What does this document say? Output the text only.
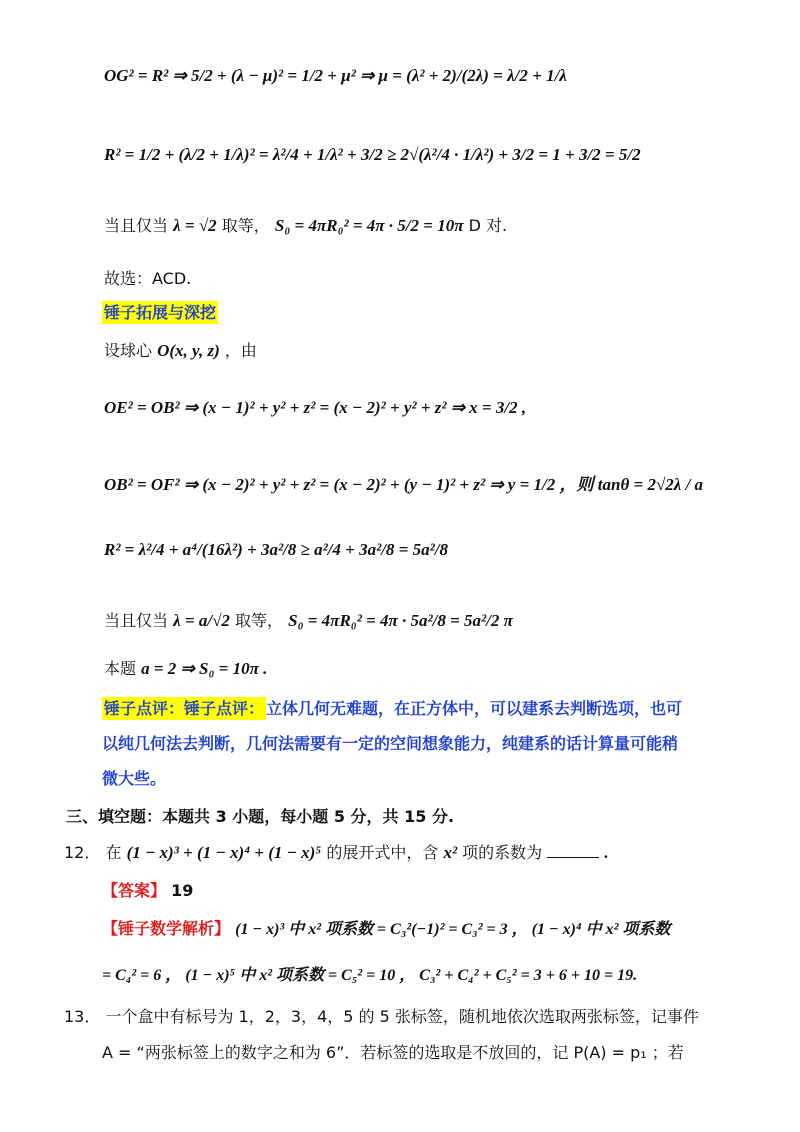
OG² = R² ⇒ 5/2 + (λ − μ)² = 1/2 + μ² ⇒ μ = (λ² + 2)/(2λ) = λ/2 + 1/λ
R² = 1/2 + (λ/2 + 1/λ)² = λ²/4 + 1/λ² + 3/2 ≥ 2√(λ²/4 · 1/λ²) + 3/2 = 1 + 3/2 = 5/2
当且仅当 λ = √2 取等， S₀ = 4πR₀² = 4π · 5/2 = 10π D 对.
故选：ACD.
锤子拓展与深挖
设球心 O(x, y, z) ，由
OE² = OB² ⇒ (x − 1)² + y² + z² = (x − 2)² + y² + z² ⇒ x = 3/2 ,
OB² = OF² ⇒ (x − 2)² + y² + z² = (x − 2)² + (y − 1)² + z² ⇒ y = 1/2 ，则 tanθ = 2√2λ / a
R² = λ²/4 + a⁴/(16λ²) + 3a²/8 ≥ a²/4 + 3a²/8 = 5a²/8
当且仅当 λ = a/√2 取等， S₀ = 4πR₀² = 4π · 5a²/8 = 5a²/2 π
本题 a = 2 ⇒ S₀ = 10π .
锤子点评：锤子点评： 立体几何无难题，在正方体中，可以建系去判断选项，也可
以纯几何法去判断，几何法需要有一定的空间想象能力，纯建系的话计算量可能稍
微大些。
三、填空题：本题共 3 小题，每小题 5 分，共 15 分.
12． 在 (1 − x)³ + (1 − x)⁴ + (1 − x)⁵ 的展开式中，含 x² 项的系数为	.
【答案】 19
【锤子数学解析】 (1 − x)³ 中 x² 项系数 = C₃²(−1)² = C₃² = 3 ， (1 − x)⁴ 中 x² 项系数
= C₄² = 6 ， (1 − x)⁵ 中 x² 项系数 = C₅² = 10 ， C₃² + C₄² + C₅² = 3 + 6 + 10 = 19.
13． 一个盒中有标号为 1，2，3，4，5 的 5 张标签，随机地依次选取两张标签，记事件
A = “两张标签上的数字之和为 6”．若标签的选取是不放回的，记 P(A) = p₁ ；若
